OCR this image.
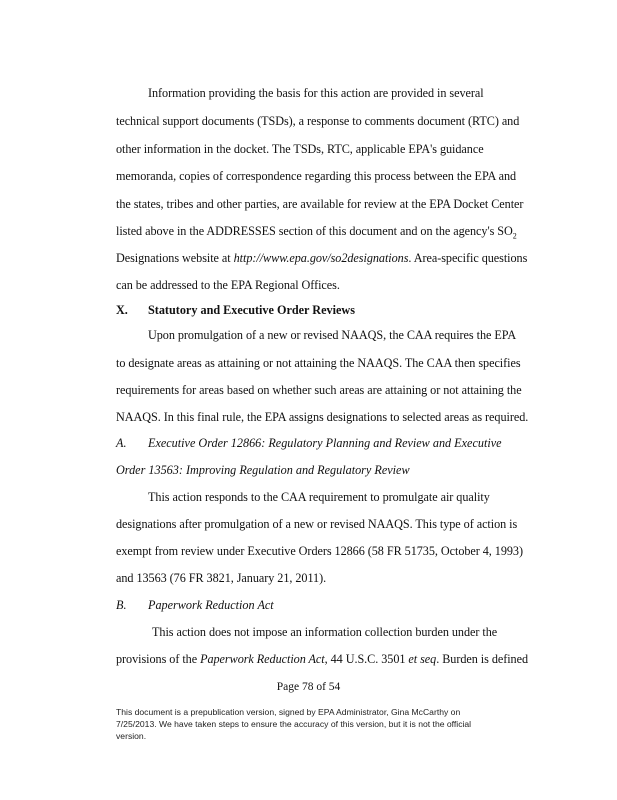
Information providing the basis for this action are provided in several
technical support documents (TSDs), a response to comments document (RTC) and
other information in the docket. The TSDs, RTC, applicable EPA's guidance
memoranda, copies of correspondence regarding this process between the EPA and
the states, tribes and other parties, are available for review at the EPA Docket Center
listed above in the ADDRESSES section of this document and on the agency's $SO_2$
Designations website at http://www.epa.gov/so2designations. Area-specific questions
can be addressed to the EPA Regional Offices.
X. Statutory and Executive Order Reviews
Upon promulgation of a new or revised NAAQS, the CAA requires the EPA
to designate areas as attaining or not attaining the NAAQS. The CAA then specifies
requirements for areas based on whether such areas are attaining or not attaining the
NAAQS. In this final rule, the EPA assigns designations to selected areas as required.
A. Executive Order 12866: Regulatory Planning and Review and Executive
Order 13563: Improving Regulation and Regulatory Review
This action responds to the CAA requirement to promulgate air quality
designations after promulgation of a new or revised NAAQS. This type of action is
exempt from review under Executive Orders 12866 (58 FR 51735, October 4, 1993)
and 13563 (76 FR 3821, January 21, 2011).
B. Paperwork Reduction Act
This action does not impose an information collection burden under the
provisions of the Paperwork Reduction Act, 44 U.S.C. 3501 et seq. Burden is defined
Page 78 of 54
This document is a prepublication version, signed by EPA Administrator, Gina McCarthy on
7/25/2013. We have taken steps to ensure the accuracy of this version, but it is not the official
version.
